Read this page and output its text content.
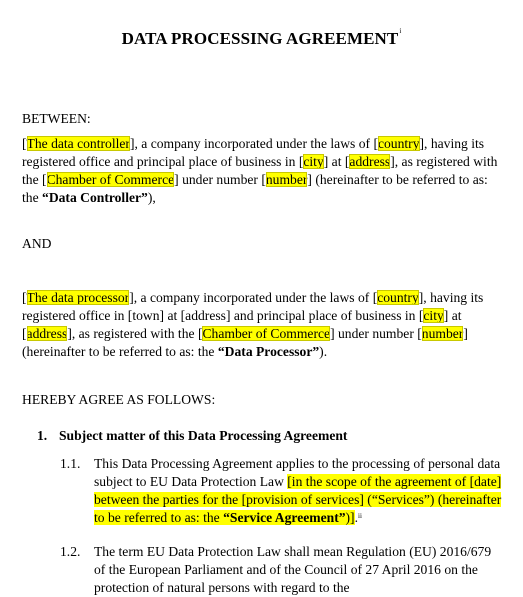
DATA PROCESSING AGREEMENT$^i$
BETWEEN:
[The data controller], a company incorporated under the laws of [country], having its registered office and principal place of business in [city] at [address], as registered with the [Chamber of Commerce] under number [number] (hereinafter to be referred to as: the “Data Controller”),
AND
[The data processor], a company incorporated under the laws of [country], having its registered office in [town] at [address] and principal place of business in [city] at [address], as registered with the [Chamber of Commerce] under number [number] (hereinafter to be referred to as: the “Data Processor”).
HEREBY AGREE AS FOLLOWS:
1. Subject matter of this Data Processing Agreement
1.1. This Data Processing Agreement applies to the processing of personal data subject to EU Data Protection Law [in the scope of the agreement of [date] between the parties for the [provision of services] (“Services”) (hereinafter to be referred to as: the “Service Agreement”)].$^{ii}$
1.2. The term EU Data Protection Law shall mean Regulation (EU) 2016/679 of the European Parliament and of the Council of 27 April 2016 on the protection of natural persons with regard to the
